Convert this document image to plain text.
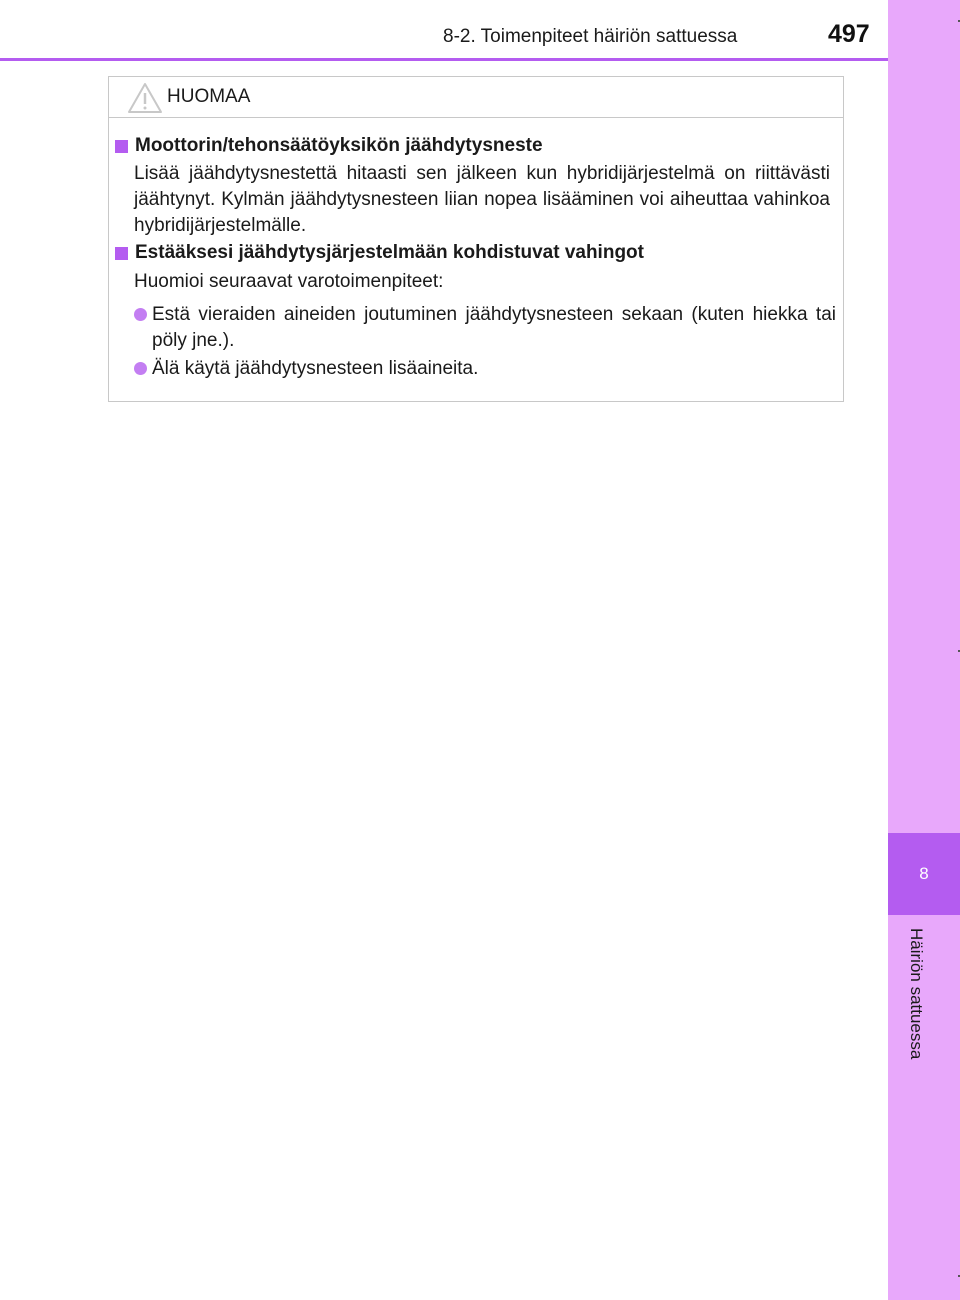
8
Häiriön sattuessa
8-2. Toimenpiteet häiriön sattuessa	497
HUOMAA
Moottorin/tehonsäätöyksikön jäähdytysneste

Lisää jäähdytysnestettä hitaasti sen jälkeen kun hybridijärjestelmä on riittävästi jäähtynyt. Kylmän jäähdytysnesteen liian nopea lisääminen voi aiheuttaa vahinkoa hybridijärjestelmälle.

Estääksesi jäähdytysjärjestelmään kohdistuvat vahingot

Huomioi seuraavat varotoimenpiteet:

Estä vieraiden aineiden joutuminen jäähdytysnesteen sekaan (kuten hiekka tai pöly jne.).
Älä käytä jäähdytysnesteen lisäaineita.
